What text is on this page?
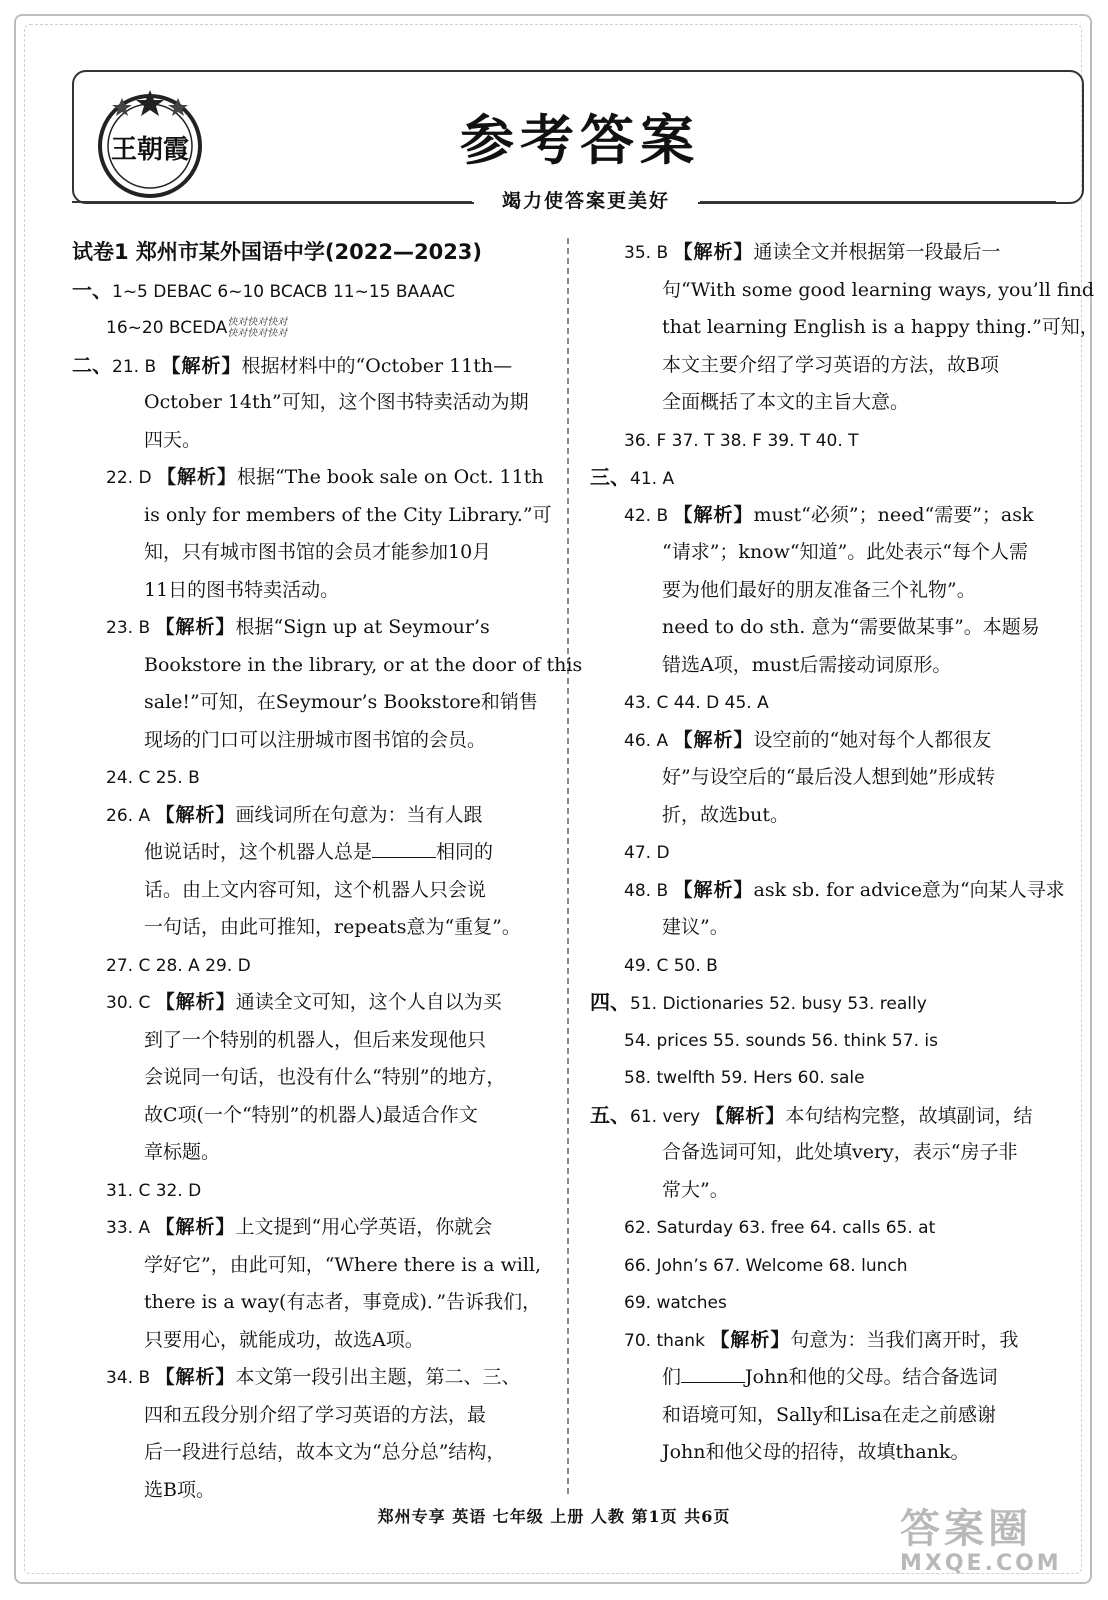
王朝霞	参考答案
竭力使答案更美好
试卷1 郑州市某外国语中学(2022—2023)
一、1~5 DEBAC 6~10 BCACB 11~15 BAAAC
16~20 BCEDA 快对快对快对
快对快对快对
二、21. B 【解析】根据材料中的“October 11th—
October 14th”可知，这个图书特卖活动为期
四天。
22. D 【解析】根据“The book sale on Oct. 11th
is only for members of the City Library.”可
知，只有城市图书馆的会员才能参加10月
11日的图书特卖活动。
23. B 【解析】根据“Sign up at Seymour’s
Bookstore in the library, or at the door of this
sale!”可知，在Seymour’s Bookstore和销售
现场的门口可以注册城市图书馆的会员。
24. C 25. B
26. A 【解析】画线词所在句意为：当有人跟
他说话时，这个机器人总是	相同的
话。由上文内容可知，这个机器人只会说
一句话，由此可推知，repeats意为“重复”。
27. C 28. A 29. D
30. C 【解析】通读全文可知，这个人自以为买
到了一个特别的机器人，但后来发现他只
会说同一句话，也没有什么“特别”的地方，
故C项(一个“特别”的机器人)最适合作文
章标题。
31. C 32. D
33. A 【解析】上文提到“用心学英语，你就会
学好它”，由此可知，“Where there is a will,
there is a way(有志者，事竟成)．”告诉我们，
只要用心，就能成功，故选A项。
34. B 【解析】本文第一段引出主题，第二、三、
四和五段分别介绍了学习英语的方法，最
后一段进行总结，故本文为“总分总”结构，
选B项。
35. B 【解析】通读全文并根据第一段最后一
句“With some good learning ways, you’ll find
that learning English is a happy thing.”可知，
本文主要介绍了学习英语的方法，故B项
全面概括了本文的主旨大意。
36. F 37. T 38. F 39. T 40. T
三、41. A
42. B 【解析】must“必须”；need“需要”；ask
“请求”；know“知道”。此处表示“每个人需
要为他们最好的朋友准备三个礼物”。
need to do sth. 意为“需要做某事”。本题易
错选A项，must后需接动词原形。
43. C 44. D 45. A
46. A 【解析】设空前的“她对每个人都很友
好”与设空后的“最后没人想到她”形成转
折，故选but。
47. D
48. B 【解析】ask sb. for advice意为“向某人寻求
建议”。
49. C 50. B
四、51. Dictionaries 52. busy 53. really
54. prices 55. sounds 56. think 57. is
58. twelfth 59. Hers 60. sale
五、61. very 【解析】本句结构完整，故填副词，结
合备选词可知，此处填very，表示“房子非
常大”。
62. Saturday 63. free 64. calls 65. at
66. John’s 67. Welcome 68. lunch
69. watches
70. thank 【解析】句意为：当我们离开时，我
们	John和他的父母。结合备选词
和语境可知，Sally和Lisa在走之前感谢
John和他父母的招待，故填thank。
郑州专享 英语 七年级 上册 人教 第1页 共6页	答案圈
MXQE.COM
